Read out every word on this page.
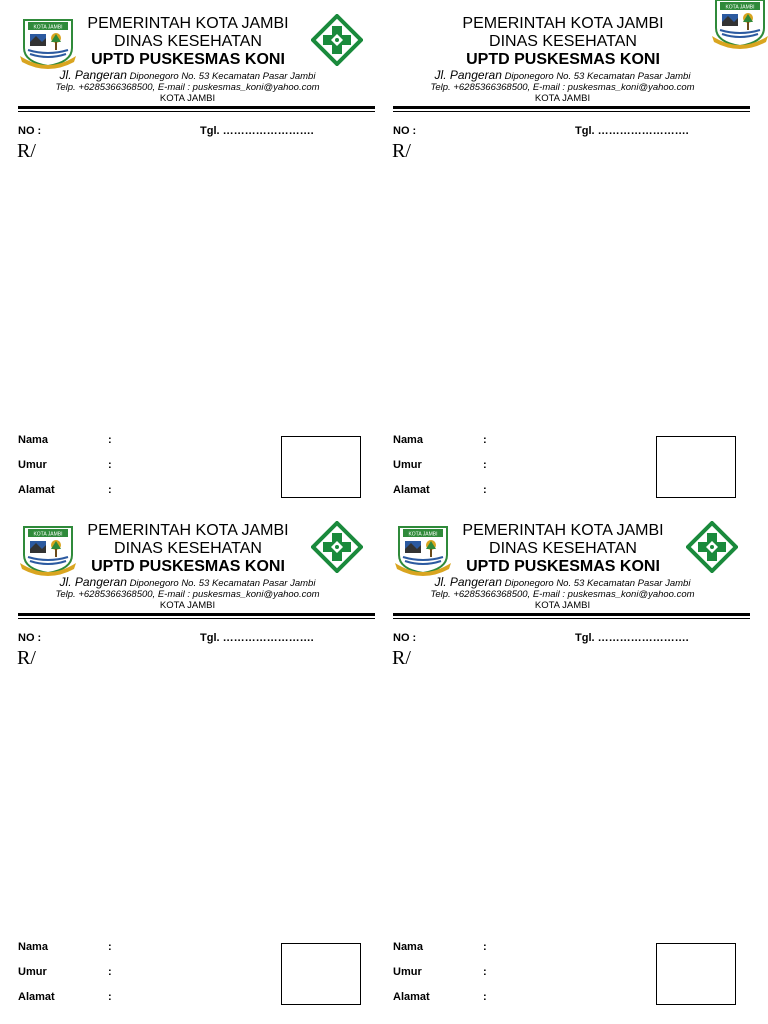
KOTA JAMBI	PEMERINTAH KOTA JAMBI
DINAS KESEHATAN
UPTD PUSKESMAS KONI
Jl. Pangeran Diponegoro No. 53 Kecamatan Pasar Jambi
Telp. +6285366368500, E-mail : puskesmas_koni@yahoo.com
KOTA JAMBI
NO :	Tgl. …………………….
R/
Nama	:
Umur	:
Alamat	:
KOTA JAMBI
PEMERINTAH KOTA JAMBI
DINAS KESEHATAN
UPTD PUSKESMAS KONI
Jl. Pangeran Diponegoro No. 53 Kecamatan Pasar Jambi
Telp. +6285366368500, E-mail : puskesmas_koni@yahoo.com
KOTA JAMBI
NO :	Tgl. …………………….
R/
Nama	:
Umur	:
Alamat	:
KOTA JAMBI	PEMERINTAH KOTA JAMBI
DINAS KESEHATAN
UPTD PUSKESMAS KONI
Jl. Pangeran Diponegoro No. 53 Kecamatan Pasar Jambi
Telp. +6285366368500, E-mail : puskesmas_koni@yahoo.com
KOTA JAMBI
NO :	Tgl. …………………….
R/
Nama	:
Umur	:
Alamat	:
KOTA JAMBI	PEMERINTAH KOTA JAMBI
DINAS KESEHATAN
UPTD PUSKESMAS KONI
Jl. Pangeran Diponegoro No. 53 Kecamatan Pasar Jambi
Telp. +6285366368500, E-mail : puskesmas_koni@yahoo.com
KOTA JAMBI
NO :	Tgl. …………………….
R/
Nama	:
Umur	:
Alamat	:
